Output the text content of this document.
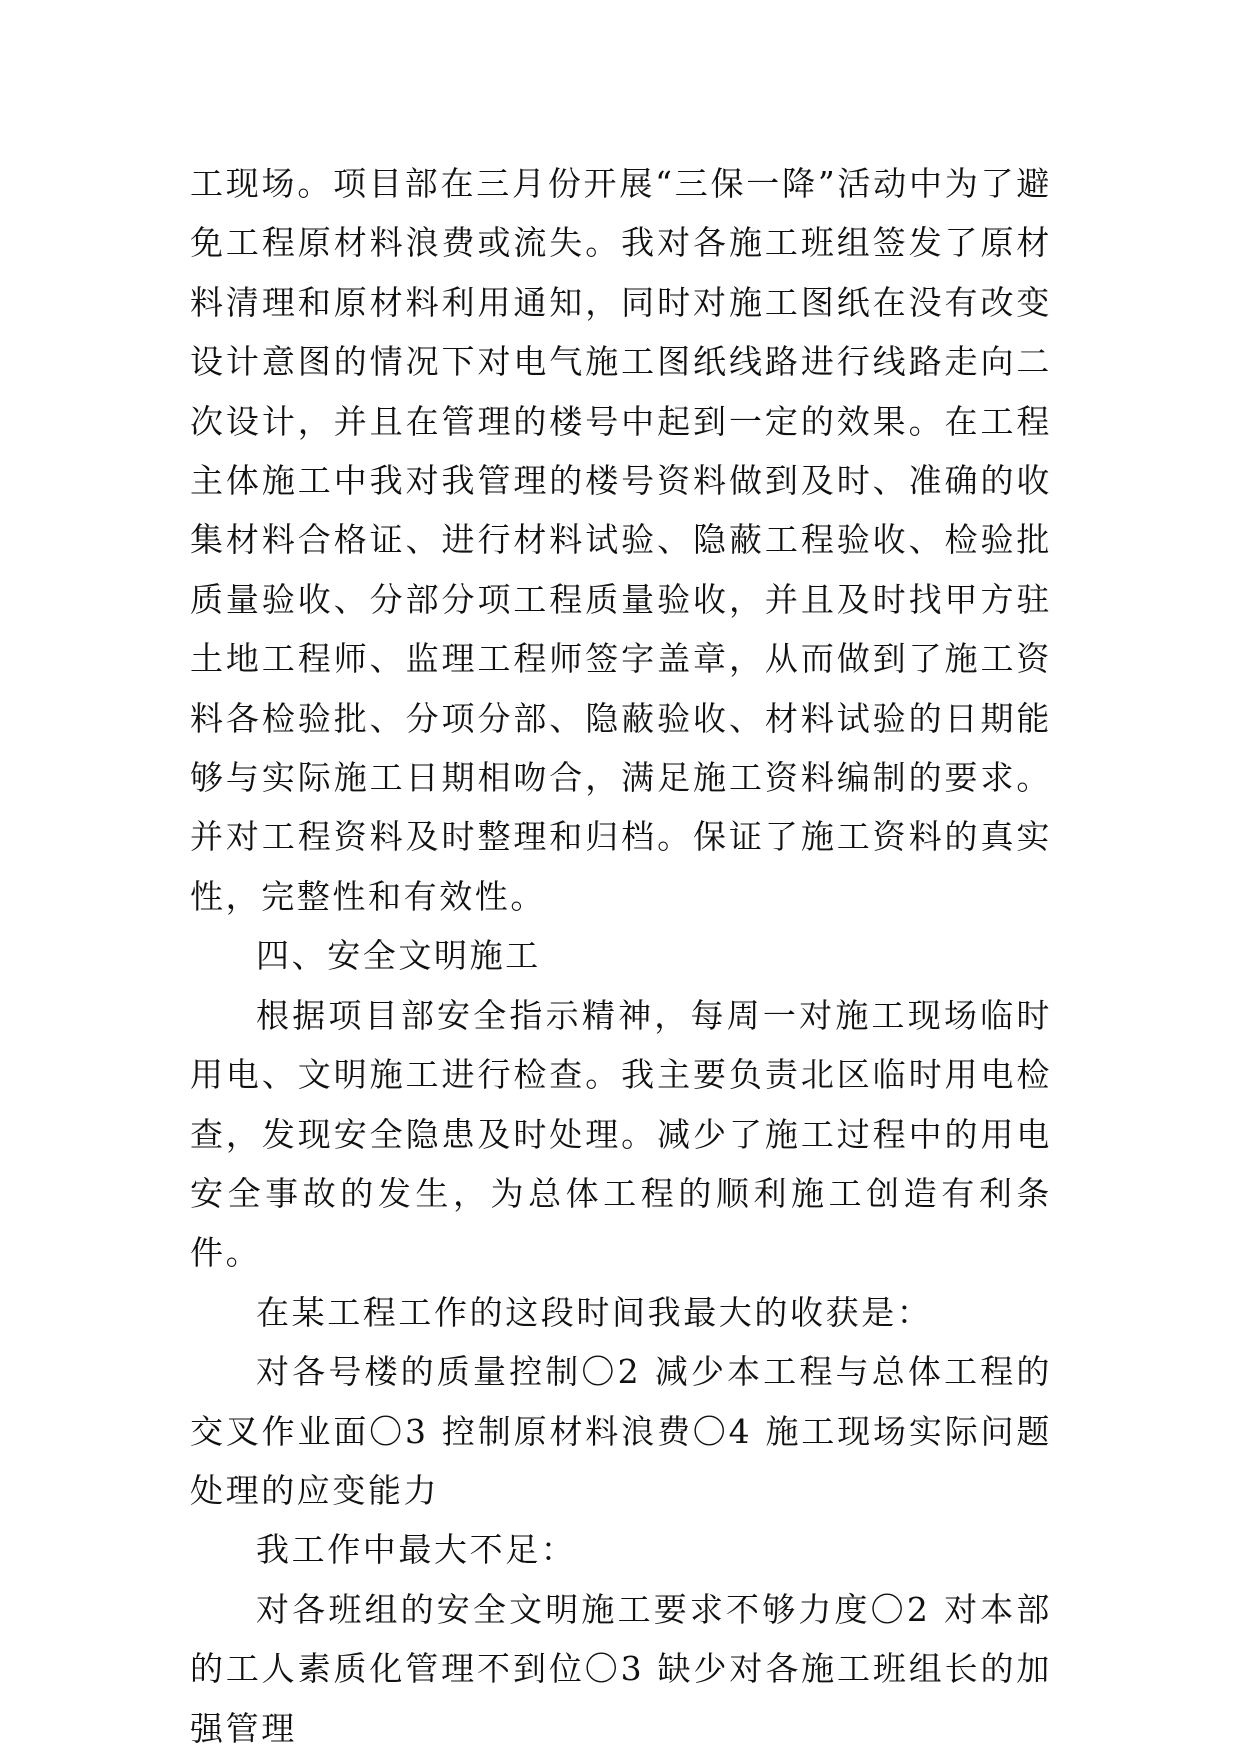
工现场。项目部在三月份开展“三保一降”活动中为了避免工程原材料浪费或流失。我对各施工班组签发了原材料清理和原材料利用通知，同时对施工图纸在没有改变设计意图的情况下对电气施工图纸线路进行线路走向二次设计，并且在管理的楼号中起到一定的效果。在工程主体施工中我对我管理的楼号资料做到及时、准确的收集材料合格证、进行材料试验、隐蔽工程验收、检验批质量验收、分部分项工程质量验收，并且及时找甲方驻土地工程师、监理工程师签字盖章，从而做到了施工资料各检验批、分项分部、隐蔽验收、材料试验的日期能够与实际施工日期相吻合，满足施工资料编制的要求。并对工程资料及时整理和归档。保证了施工资料的真实性，完整性和有效性。

四、安全文明施工

根据项目部安全指示精神，每周一对施工现场临时用电、文明施工进行检查。我主要负责北区临时用电检查，发现安全隐患及时处理。减少了施工过程中的用电安全事故的发生，为总体工程的顺利施工创造有利条件。

在某工程工作的这段时间我最大的收获是：

对各号楼的质量控制〇2 减少本工程与总体工程的交叉作业面〇3 控制原材料浪费〇4 施工现场实际问题处理的应变能力

我工作中最大不足：

对各班组的安全文明施工要求不够力度〇2 对本部的工人素质化管理不到位〇3 缺少对各施工班组长的加强管理
